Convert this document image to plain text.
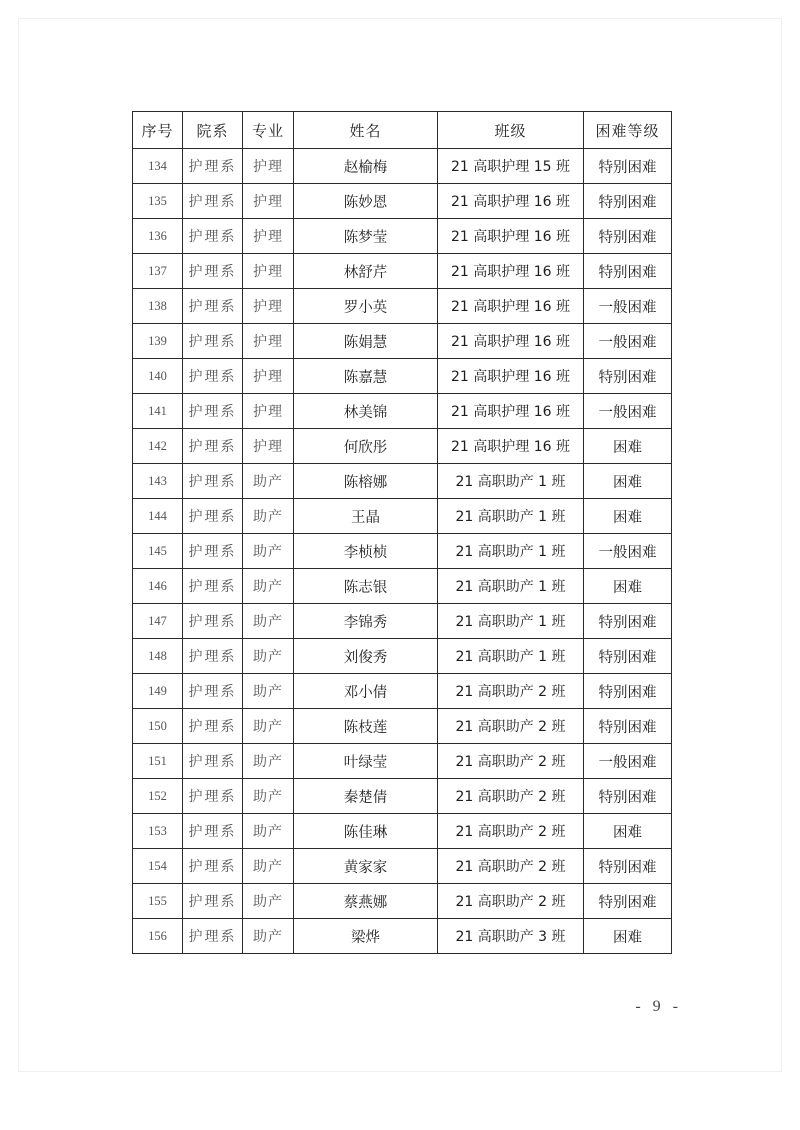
序号	院系	专业	姓名	班级	困难等级
134	护理系	护理	赵榆梅	21 高职护理 15 班	特别困难
135	护理系	护理	陈妙恩	21 高职护理 16 班	特别困难
136	护理系	护理	陈梦莹	21 高职护理 16 班	特别困难
137	护理系	护理	林舒芹	21 高职护理 16 班	特别困难
138	护理系	护理	罗小英	21 高职护理 16 班	一般困难
139	护理系	护理	陈娟慧	21 高职护理 16 班	一般困难
140	护理系	护理	陈嘉慧	21 高职护理 16 班	特别困难
141	护理系	护理	林美锦	21 高职护理 16 班	一般困难
142	护理系	护理	何欣彤	21 高职护理 16 班	困难
143	护理系	助产	陈榕娜	21 高职助产 1 班	困难
144	护理系	助产	王晶	21 高职助产 1 班	困难
145	护理系	助产	李桢桢	21 高职助产 1 班	一般困难
146	护理系	助产	陈志银	21 高职助产 1 班	困难
147	护理系	助产	李锦秀	21 高职助产 1 班	特别困难
148	护理系	助产	刘俊秀	21 高职助产 1 班	特别困难
149	护理系	助产	邓小倩	21 高职助产 2 班	特别困难
150	护理系	助产	陈枝莲	21 高职助产 2 班	特别困难
151	护理系	助产	叶绿莹	21 高职助产 2 班	一般困难
152	护理系	助产	秦楚倩	21 高职助产 2 班	特别困难
153	护理系	助产	陈佳琳	21 高职助产 2 班	困难
154	护理系	助产	黄家家	21 高职助产 2 班	特别困难
155	护理系	助产	蔡燕娜	21 高职助产 2 班	特别困难
156	护理系	助产	梁烨	21 高职助产 3 班	困难
- 9 -
